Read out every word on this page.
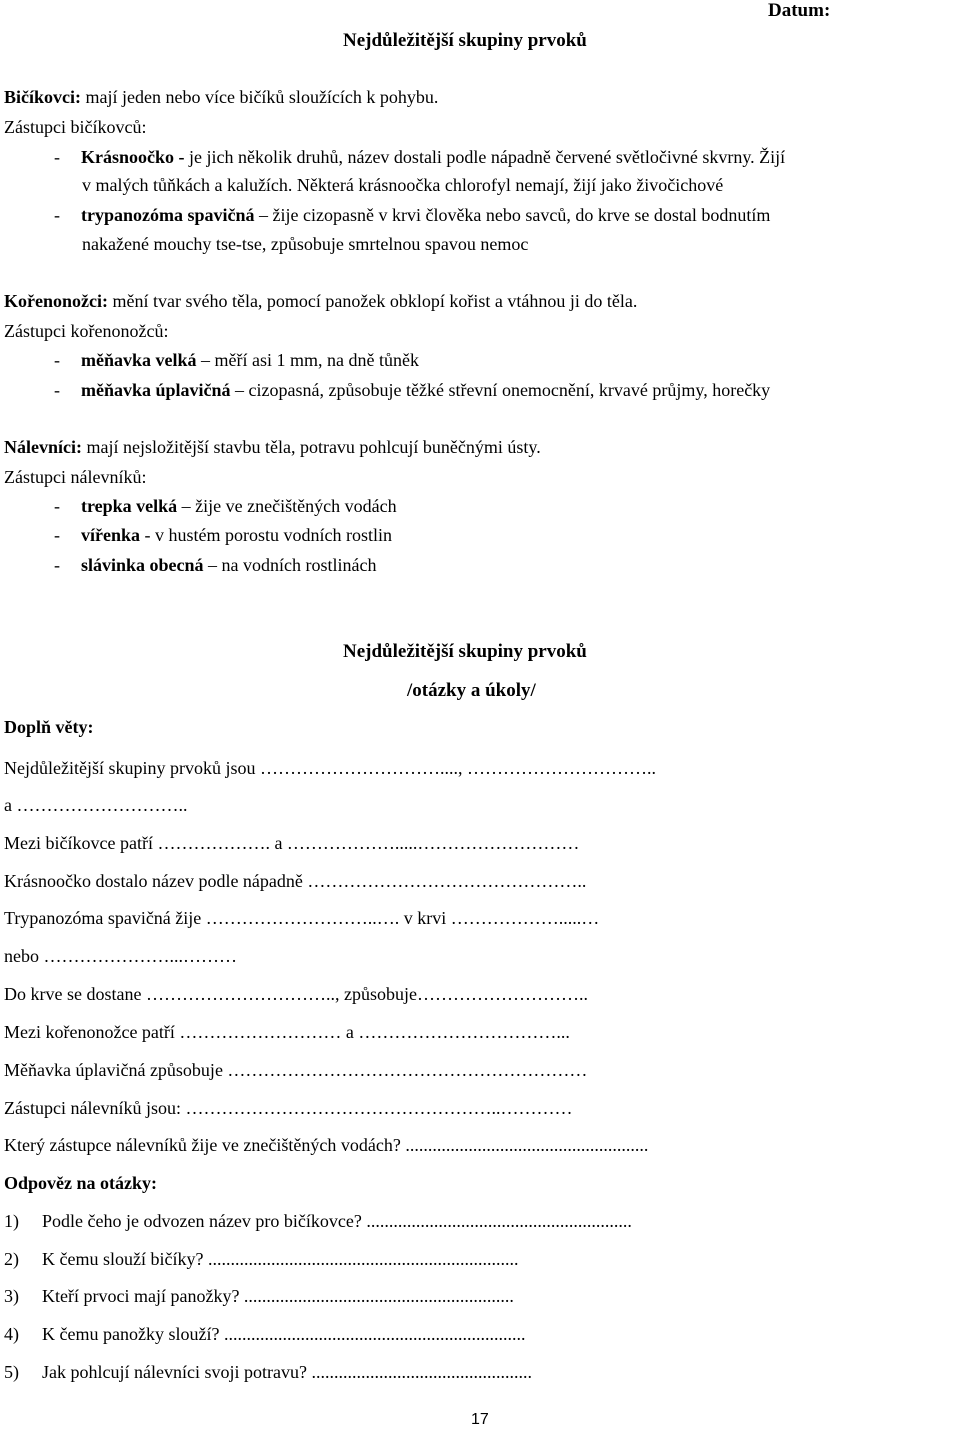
Datum:
Nejdůležitější skupiny prvoků
Bičíkovci: mají jeden nebo více bičíků sloužících k pohybu.
Zástupci bičíkovců:
- Krásnoočko - je jich několik druhů, název dostali podle nápadně červené světločivné skvrny. Žijí
v malých tůňkách a kalužích. Některá krásnoočka chlorofyl nemají, žijí jako živočichové
- trypanozóma spavičná – žije cizopasně v krvi člověka nebo savců, do krve se dostal bodnutím
nakažené mouchy tse-tse, způsobuje smrtelnou spavou nemoc
Kořenonožci: mění tvar svého těla, pomocí panožek obklopí kořist a vtáhnou ji do těla.
Zástupci kořenonožců:
- měňavka velká – měří asi 1 mm, na dně tůněk
- měňavka úplavičná – cizopasná, způsobuje těžké střevní onemocnění, krvavé průjmy, horečky
Nálevníci: mají nejsložitější stavbu těla, potravu pohlcují buněčnými ústy.
Zástupci nálevníků:
- trepka velká – žije ve znečištěných vodách
- vířenka - v hustém porostu vodních rostlin
- slávinka obecná – na vodních rostlinách
Nejdůležitější skupiny prvoků
/otázky a úkoly/
Doplň věty:
Nejdůležitější skupiny prvoků jsou …………………………...., …………………………..
a ………………………..
Mezi bičíkovce patří ………………. a ……………….....………………………
Krásnoočko dostalo název podle nápadně ………………………………………..
Trypanozóma spavičná žije ………………………..…. v krvi ……………….....…
nebo …………………...………
Do krve se dostane ………………………….., způsobuje………………………..
Mezi kořenonožce patří ……………………… a ……………………………...
Měňavka úplavičná způsobuje ……………………………………………………
Zástupci nálevníků jsou: ……………………………………………..…………
Který zástupce nálevníků žije ve znečištěných vodách? ......................................................
Odpověz na otázky:
1) Podle čeho je odvozen název pro bičíkovce? ...........................................................
2) K čemu slouží bičíky? .....................................................................
3) Kteří prvoci mají panožky? ............................................................
4) K čemu panožky slouží? ...................................................................
5) Jak pohlcují nálevníci svoji potravu? .................................................
17
